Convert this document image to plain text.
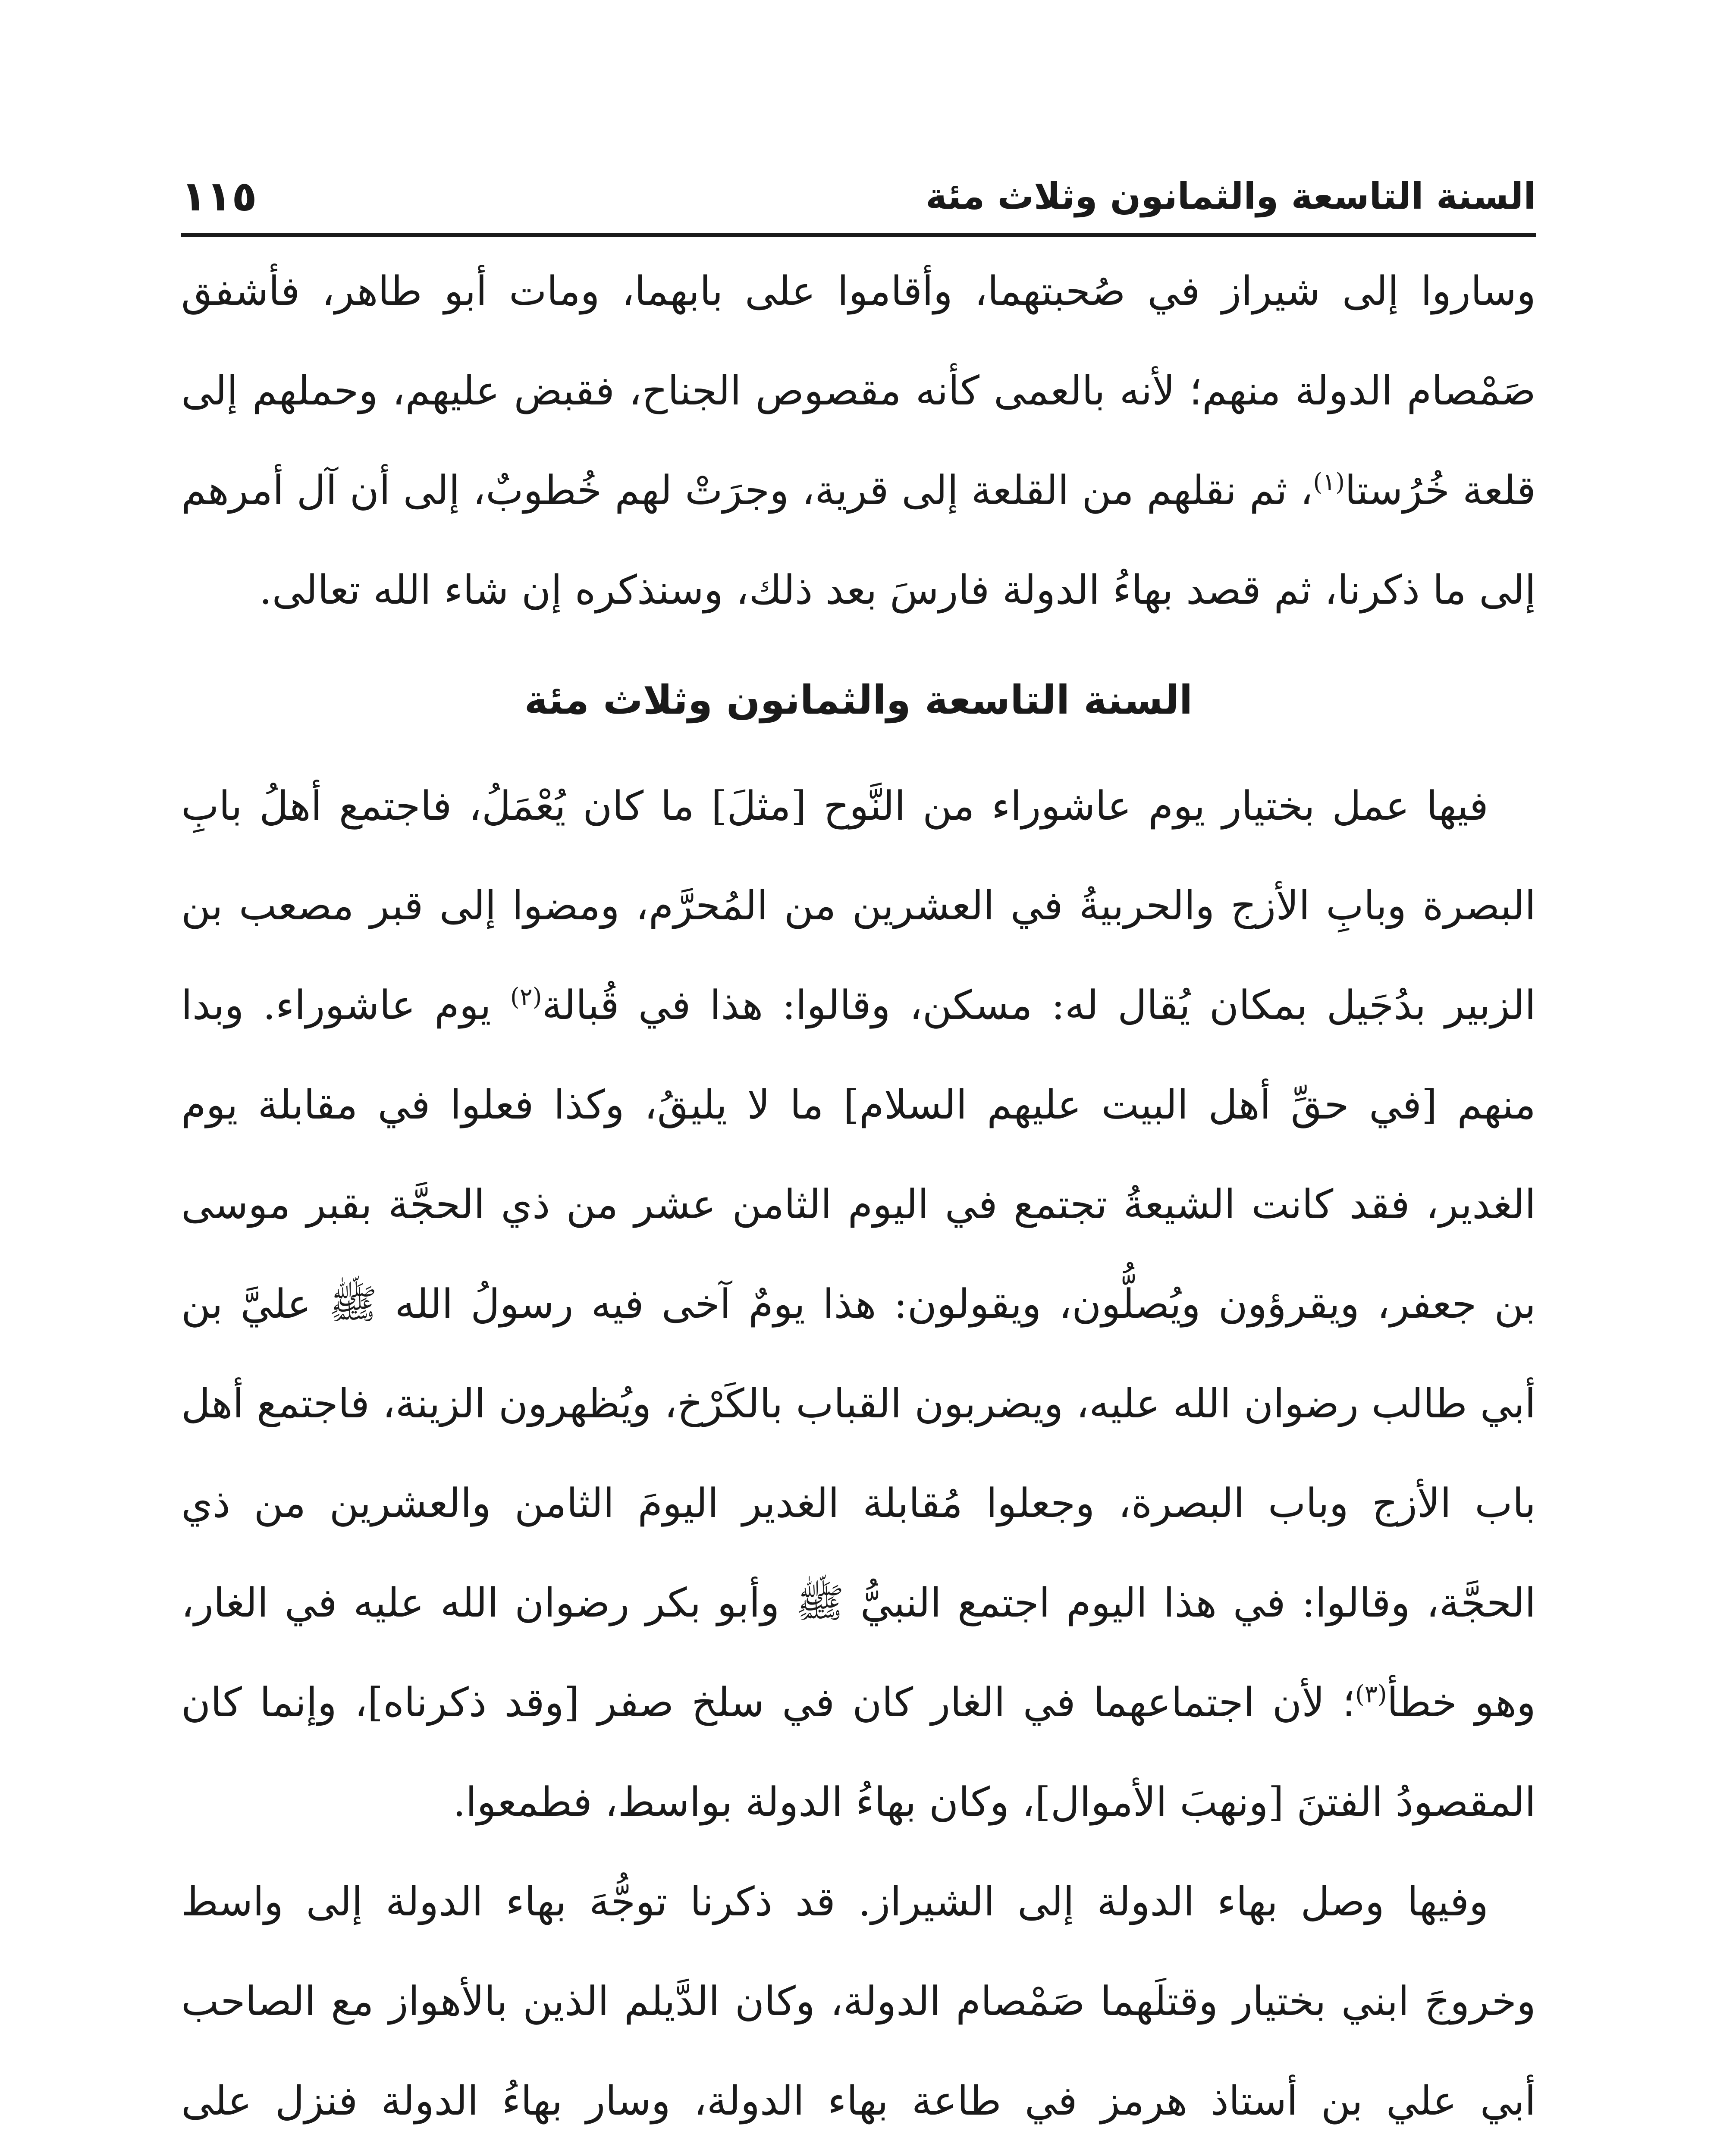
السنة التاسعة والثمانون وثلاث مئة
١١٥

وساروا إلى شيراز في صُحبتهما، وأقاموا على بابهما، ومات أبو طاهر، فأشفق صَمْصام الدولة منهم؛ لأنه بالعمى كأنه مقصوص الجناح، فقبض عليهم، وحملهم إلى قلعة خُرُستا$^{(١)}$، ثم نقلهم من القلعة إلى قرية، وجرَتْ لهم خُطوبٌ، إلى أن آل أمرهم إلى ما ذكرنا، ثم قصد بهاءُ الدولة فارسَ بعد ذلك، وسنذكره إن شاء الله تعالى.

السنة التاسعة والثمانون وثلاث مئة

فيها عمل بختيار يوم عاشوراء من النَّوح [مثلَ] ما كان يُعْمَلُ، فاجتمع أهلُ بابِ البصرة وبابِ الأزج والحربيةُ في العشرين من المُحرَّم، ومضوا إلى قبر مصعب بن الزبير بدُجَيل بمكان يُقال له: مسكن، وقالوا: هذا في قُبالة$^{(٢)}$ يوم عاشوراء. وبدا منهم [في حقِّ أهل البيت عليهم السلام] ما لا يليقُ، وكذا فعلوا في مقابلة يوم الغدير، فقد كانت الشيعةُ تجتمع في اليوم الثامن عشر من ذي الحجَّة بقبر موسى بن جعفر، ويقرؤون ويُصلُّون، ويقولون: هذا يومٌ آخى فيه رسولُ الله ﷺ عليَّ بن أبي طالب رضوان الله عليه، ويضربون القباب بالكَرْخ، ويُظهرون الزينة، فاجتمع أهل باب الأزج وباب البصرة، وجعلوا مُقابلة الغدير اليومَ الثامن والعشرين من ذي الحجَّة، وقالوا: في هذا اليوم اجتمع النبيُّ ﷺ وأبو بكر رضوان الله عليه في الغار، وهو خطأ$^{(٣)}$؛ لأن اجتماعهما في الغار كان في سلخ صفر [وقد ذكرناه]، وإنما كان المقصودُ الفتنَ [ونهبَ الأموال]، وكان بهاءُ الدولة بواسط، فطمعوا.

وفيها وصل بهاء الدولة إلى الشيراز. قد ذكرنا توجُّهَ بهاء الدولة إلى واسط وخروجَ ابني بختيار وقتلَهما صَمْصام الدولة، وكان الدَّيلم الذين بالأهواز مع الصاحب أبي علي بن أستاذ هرمز في طاعة بهاء الدولة، وسار بهاءُ الدولة فنزل على
